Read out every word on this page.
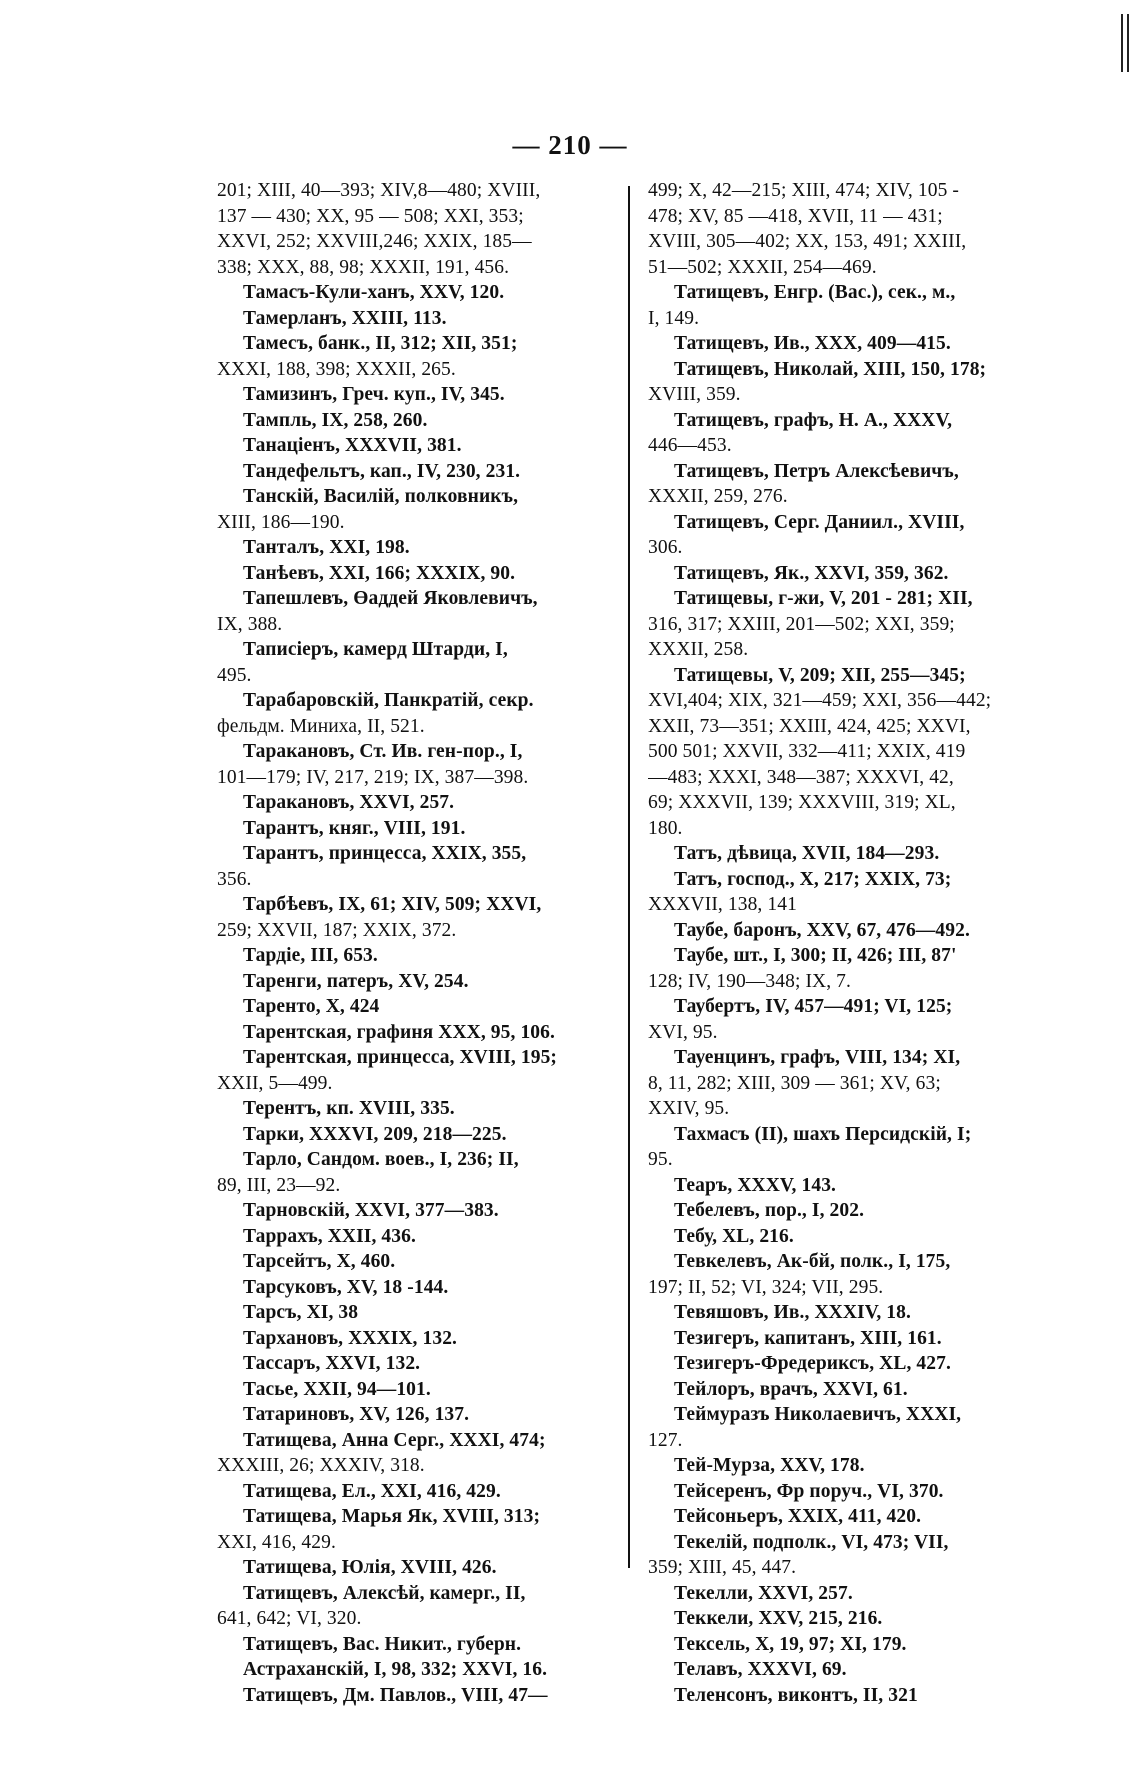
— 210 —
201; XIII, 40—393; XIV,8—480; XVIII,
137 — 430; XX, 95 — 508; XXI, 353;
XXVI, 252; XXVIII,246; XXIX, 185—
338; XXX, 88, 98; XXXII, 191, 456.
Тамасъ-Кули-ханъ, XXV, 120.
Тамерланъ, XXIII, 113.
Тамесъ, банк., II, 312; XII, 351;
XXXI, 188, 398; XXXII, 265.
Тамизинъ, Греч. куп., IV, 345.
Тампль, IX, 258, 260.
Танаціенъ, XXXVII, 381.
Тандефельтъ, кап., IV, 230, 231.
Танскій, Василій, полковникъ,
XIII, 186—190.
Танталъ, XXI, 198.
Танѣевъ, XXI, 166; XXXIX, 90.
Тапешлевъ, Өаддей Яковлевичъ,
IX, 388.
Тапиcіеръ, камерд Штарди, I,
495.
Тарабаровскій, Панкратій, секр.
фельдм. Миниха, II, 521.
Таракановъ, Ст. Ив. ген-пор., I,
101—179; IV, 217, 219; IX, 387—398.
Таракановъ, XXVI, 257.
Тарантъ, княг., VIII, 191.
Тарантъ, принцесса, XXIX, 355,
356.
Тарбѣевъ, IX, 61; XIV, 509; XXVI,
259; XXVII, 187; XXIX, 372.
Тардіе, III, 653.
Таренги, патеръ, XV, 254.
Таренто, X, 424
Тарентская, графиня XXX, 95, 106.
Тарентская, принцесса, XVIII, 195;
XXII, 5—499.
Терентъ, кп. XVIII, 335.
Тарки, XXXVI, 209, 218—225.
Тарло, Сандом. воев., I, 236; II,
89, III, 23—92.
Тарновскій, XXVI, 377—383.
Таррахъ, XXII, 436.
Тарсейтъ, X, 460.
Тарсуковъ, XV, 18 -144.
Тарсъ, XI, 38
Тархановъ, XXXIX, 132.
Тассаръ, XXVI, 132.
Тасье, XXII, 94—101.
Татариновъ, XV, 126, 137.
Татищева, Анна Серг., XXXI, 474;
XXXIII, 26; XXXIV, 318.
Татищева, Ел., XXI, 416, 429.
Татищева, Марья Як, XVIII, 313;
XXI, 416, 429.
Татищева, Юлія, XVIII, 426.
Татищевъ, Алексѣй, камерг., II,
641, 642; VI, 320.
Татищевъ, Вас. Никит., губерн.
Астраханскій, I, 98, 332; XXVI, 16.
Татищевъ, Дм. Павлов., VIII, 47—
499; X, 42—215; XIII, 474; XIV, 105 -
478; XV, 85 —418, XVII, 11 — 431;
XVIII, 305—402; XX, 153, 491; XXIII,
51—502; XXXII, 254—469.
Татищевъ, Енгр. (Вас.), сек., м.,
I, 149.
Татищевъ, Ив., XXX, 409—415.
Татищевъ, Николай, XIII, 150, 178;
XVIII, 359.
Татищевъ, графъ, Н. А., XXXV,
446—453.
Татищевъ, Петръ Алексѣевичъ,
XXXII, 259, 276.
Татищевъ, Серг. Даниил., XVIII,
306.
Татищевъ, Як., XXVI, 359, 362.
Татищевы, г-жи, V, 201 - 281; XII,
316, 317; XXIII, 201—502; XXI, 359;
XXXII, 258.
Татищевы, V, 209; XII, 255—345;
XVI,404; XIX, 321—459; XXI, 356—442;
XXII, 73—351; XXIII, 424, 425; XXVI,
500 501; XXVII, 332—411; XXIX, 419
—483; XXXI, 348—387; XXXVI, 42,
69; XXXVII, 139; XXXVIII, 319; XL,
180.
Татъ, дѣвица, XVII, 184—293.
Татъ, господ., X, 217; XXIX, 73;
XXXVII, 138, 141
Таубе, баронъ, XXV, 67, 476—492.
Таубе, шт., I, 300; II, 426; III, 87'
128; IV, 190—348; IX, 7.
Таубертъ, IV, 457—491; VI, 125;
XVI, 95.
Тауенцинъ, графъ, VIII, 134; XI,
8, 11, 282; XIII, 309 — 361; XV, 63;
XXIV, 95.
Тахмасъ (II), шахъ Персидскій, I;
95.
Теаръ, XXXV, 143.
Тебелевъ, пор., I, 202.
Тебу, XL, 216.
Тевкелевъ, Ак-бй, полк., I, 175,
197; II, 52; VI, 324; VII, 295.
Тевяшовъ, Ив., XXXIV, 18.
Тезигеръ, капитанъ, XIII, 161.
Тезигеръ-Фредериксъ, XL, 427.
Тейлоръ, врачъ, XXVI, 61.
Теймуразъ Николаевичъ, XXXI,
127.
Тей-Мурза, XXV, 178.
Тейсеренъ, Фр поруч., VI, 370.
Тейсоньеръ, XXIX, 411, 420.
Текелій, подполк., VI, 473; VII,
359; XIII, 45, 447.
Текелли, XXVI, 257.
Теккели, XXV, 215, 216.
Тексель, X, 19, 97; XI, 179.
Телавъ, XXXVI, 69.
Теленсонъ, виконтъ, II, 321
